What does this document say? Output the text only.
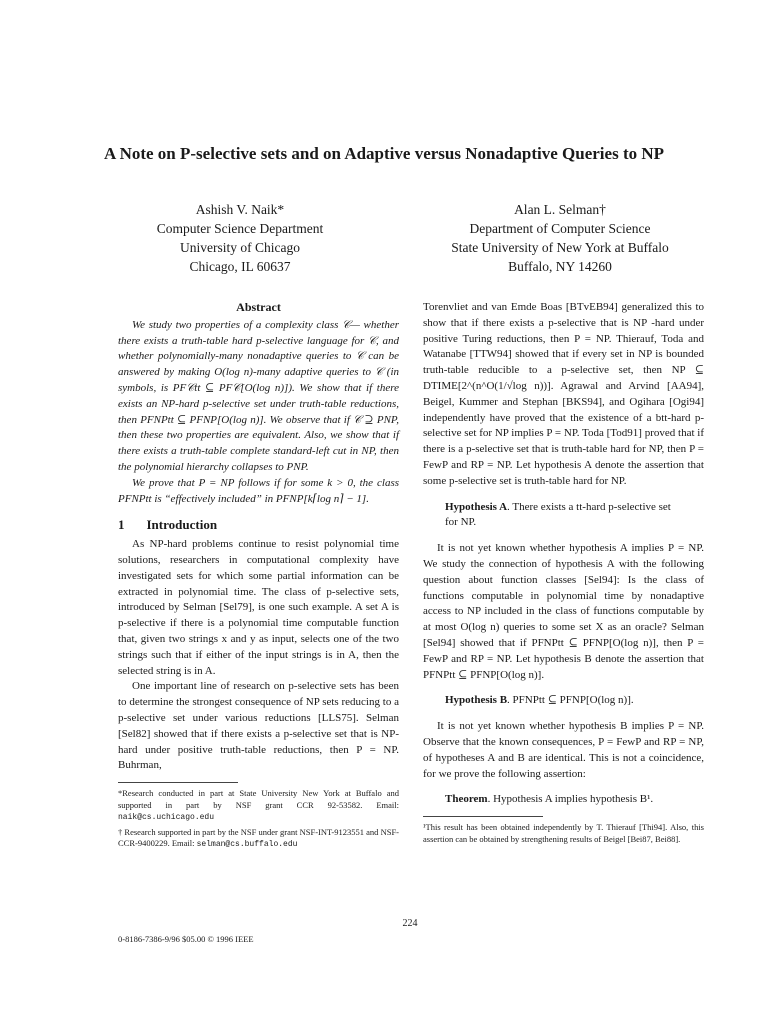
A Note on P-selective sets and on Adaptive versus Nonadaptive Queries to NP
Ashish V. Naik*
Computer Science Department
University of Chicago
Chicago, IL 60637
Alan L. Selman†
Department of Computer Science
State University of New York at Buffalo
Buffalo, NY 14260
Abstract

We study two properties of a complexity class 𝒞— whether there exists a truth-table hard p-selective language for 𝒞, and whether polynomially-many nonadaptive queries to 𝒞 can be answered by making O(log n)-many adaptive queries to 𝒞 (in symbols, is PF𝒞tt ⊆ PF𝒞[O(log n)]). We show that if there exists an NP-hard p-selective set under truth-table reductions, then PFNPtt ⊆ PFNP[O(log n)]. We observe that if 𝒞 ⊇ PNP, then these two properties are equivalent. Also, we show that if there exists a truth-table complete standard-left cut in NP, then the polynomial hierarchy collapses to PNP.

We prove that P = NP follows if for some k > 0, the class PFNPtt is “effectively included” in PFNP[k⌈log n⌉ − 1].

1 Introduction

As NP-hard problems continue to resist polynomial time solutions, researchers in computational complexity have investigated sets for which some partial information can be extracted in polynomial time. The class of p-selective sets, introduced by Selman [Sel79], is one such example. A set A is p-selective if there is a polynomial time computable function that, given two strings x and y as input, selects one of the two strings such that if either of the input strings is in A, then the selected string is in A.

One important line of research on p-selective sets has been to determine the strongest consequence of NP sets reducing to a p-selective set under various reductions [LLS75]. Selman [Sel82] showed that if there exists a p-selective set that is NP-hard under positive truth-table reductions, then P = NP. Buhrman,

*Research conducted in part at State University New York at Buffalo and supported in part by NSF grant CCR 92-53582. Email: naik@cs.uchicago.edu

† Research supported in part by the NSF under grant NSF-INT-9123551 and NSF-CCR-9400229. Email: selman@cs.buffalo.edu

Torenvliet and van Emde Boas [BTvEB94] generalized this to show that if there exists a p-selective that is NP -hard under positive Turing reductions, then P = NP. Thierauf, Toda and Watanabe [TTW94] showed that if every set in NP is bounded truth-table reducible to a p-selective set, then NP ⊆ DTIME[2^(n^O(1/√log n))]. Agrawal and Arvind [AA94], Beigel, Kummer and Stephan [BKS94], and Ogihara [Ogi94] independently have proved that the existence of a btt-hard p-selective set for NP implies P = NP. Toda [Tod91] proved that if there is a p-selective set that is truth-table hard for NP, then P = FewP and RP = NP. Let hypothesis A denote the assertion that some p-selective set is truth-table hard for NP.

Hypothesis A. There exists a tt-hard p-selective set for NP.

It is not yet known whether hypothesis A implies P = NP. We study the connection of hypothesis A with the following question about function classes [Sel94]: Is the class of functions computable in polynomial time by nonadaptive access to NP included in the class of functions computable by at most O(log n) queries to some set X as an oracle? Selman [Sel94] showed that if PFNPtt ⊆ PFNP[O(log n)], then P = FewP and RP = NP. Let hypothesis B denote the assertion that PFNPtt ⊆ PFNP[O(log n)].

Hypothesis B. PFNPtt ⊆ PFNP[O(log n)].

It is not yet known whether hypothesis B implies P = NP. Observe that the known consequences, P = FewP and RP = NP, of hypotheses A and B are identical. This is not a coincidence, for we prove the following assertion:

Theorem. Hypothesis A implies hypothesis B¹.
¹This result has been obtained independently by T. Thierauf [Thi94]. Also, this assertion can be obtained by strengthening results of Beigel [Bei87, Bei88].
224
0-8186-7386-9/96 $05.00 © 1996 IEEE
